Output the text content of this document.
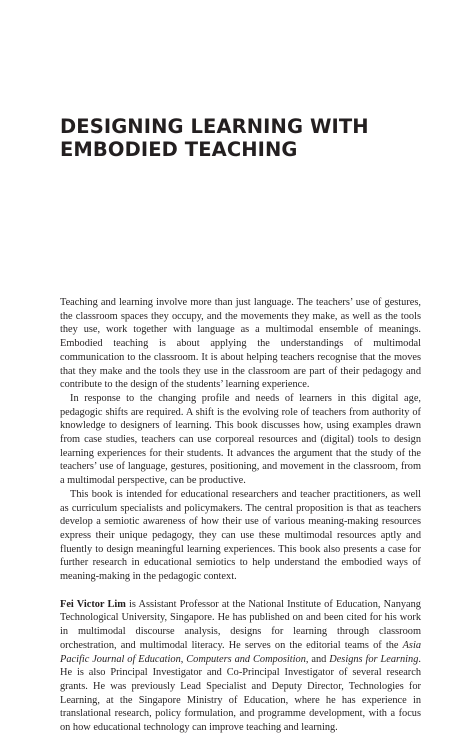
DESIGNING LEARNING WITH
EMBODIED TEACHING

Teaching and learning involve more than just language. The teachers’ use of gestures, the classroom spaces they occupy, and the movements they make, as well as the tools they use, work together with language as a multimodal ensemble of meanings. Embodied teaching is about applying the understandings of multimodal communication to the classroom. It is about helping teachers recognise that the moves that they make and the tools they use in the classroom are part of their pedagogy and contribute to the design of the students’ learning experience.

In response to the changing profile and needs of learners in this digital age, pedagogic shifts are required. A shift is the evolving role of teachers from authority of knowledge to designers of learning. This book discusses how, using examples drawn from case studies, teachers can use corporeal resources and (digital) tools to design learning experiences for their students. It advances the argument that the study of the teachers’ use of language, gestures, positioning, and movement in the classroom, from a multimodal perspective, can be productive.

This book is intended for educational researchers and teacher practitioners, as well as curriculum specialists and policymakers. The central proposition is that as teachers develop a semiotic awareness of how their use of various meaning-making resources express their unique pedagogy, they can use these multimodal resources aptly and fluently to design meaningful learning experiences. This book also presents a case for further research in educational semiotics to help understand the embodied ways of meaning-making in the pedagogic context.

Fei Victor Lim is Assistant Professor at the National Institute of Education, Nanyang Technological University, Singapore. He has published on and been cited for his work in multimodal discourse analysis, designs for learning through classroom orchestration, and multimodal literacy. He serves on the editorial teams of the Asia Pacific Journal of Education, Computers and Composition, and Designs for Learning. He is also Principal Investigator and Co-Principal Investigator of several research grants. He was previously Lead Specialist and Deputy Director, Technologies for Learning, at the Singapore Ministry of Education, where he has experience in translational research, policy formulation, and programme development, with a focus on how educational technology can improve teaching and learning.
